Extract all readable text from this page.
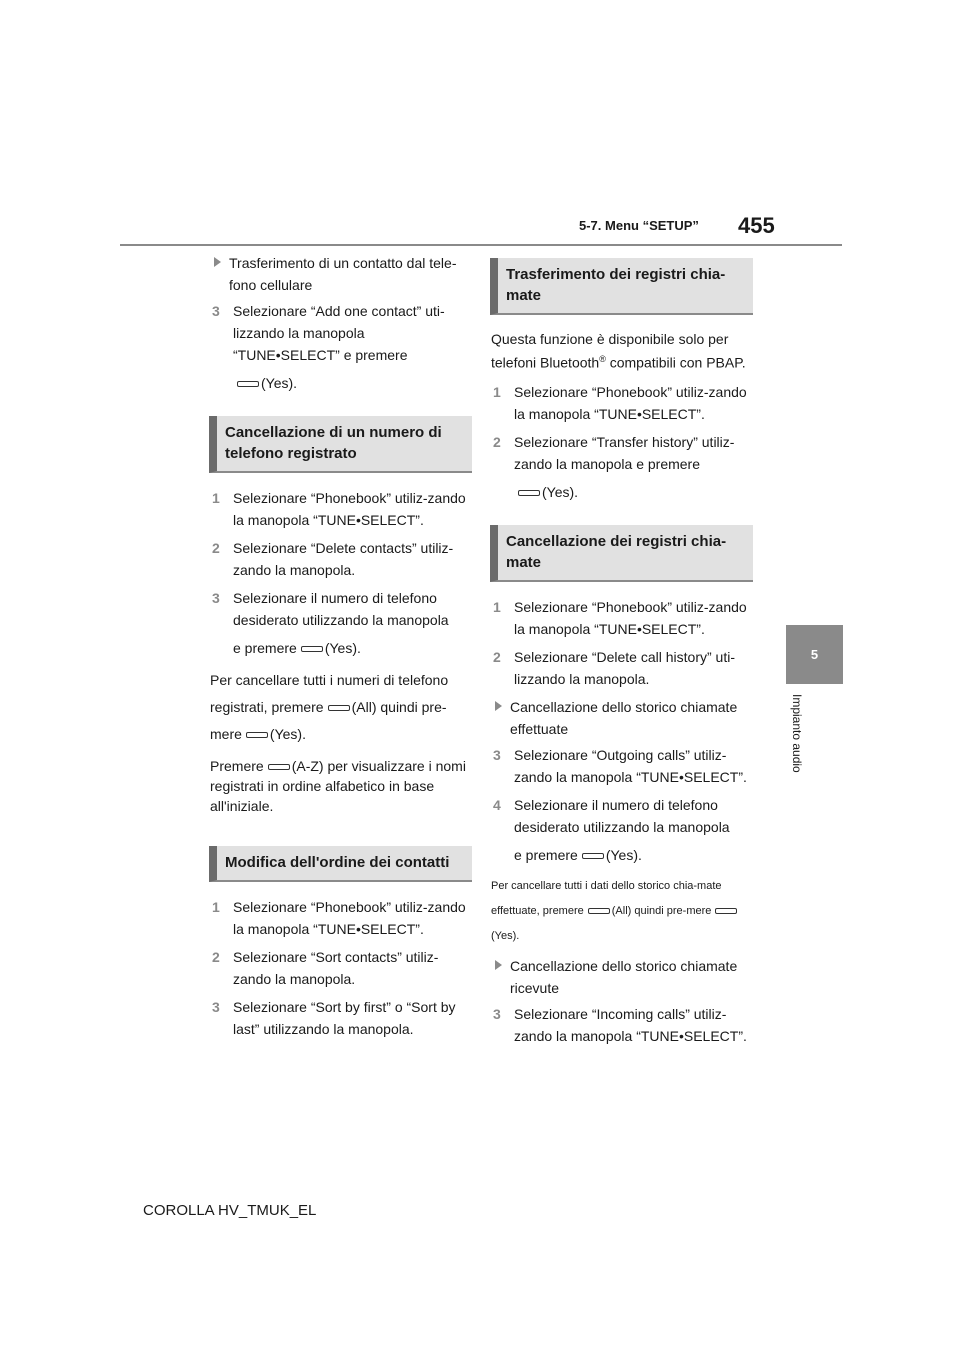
5-7. Menu “SETUP” 455
5
Impianto audio
Trasferimento di un contatto dal tele-fono cellulare
3 Selezionare “Add one contact” uti-lizzando la manopola “TUNE•SELECT” e premere
(Yes).
Cancellazione di un numero di telefono registrato
1 Selezionare “Phonebook” utiliz-zando la manopola “TUNE•SELECT”.
2 Selezionare “Delete contacts” utiliz-zando la manopola.
3 Selezionare il numero di telefono desiderato utilizzando la manopola
e premere (Yes).
Per cancellare tutti i numeri di telefono registrati, premere (All) quindi pre-mere (Yes).
Premere (A-Z) per visualizzare i nomi registrati in ordine alfabetico in base all'iniziale.
Modifica dell'ordine dei contatti
1 Selezionare “Phonebook” utiliz-zando la manopola “TUNE•SELECT”.
2 Selezionare “Sort contacts” utiliz-zando la manopola.
3 Selezionare “Sort by first” o “Sort by last” utilizzando la manopola.
Trasferimento dei registri chia-mate
Questa funzione è disponibile solo per telefoni Bluetooth® compatibili con PBAP.
1 Selezionare “Phonebook” utiliz-zando la manopola “TUNE•SELECT”.
2 Selezionare “Transfer history” utiliz-zando la manopola e premere
(Yes).
Cancellazione dei registri chia-mate
1 Selezionare “Phonebook” utiliz-zando la manopola “TUNE•SELECT”.
2 Selezionare “Delete call history” uti-lizzando la manopola.
Cancellazione dello storico chiamate effettuate
3 Selezionare “Outgoing calls” utiliz-zando la manopola “TUNE•SELECT”.
4 Selezionare il numero di telefono desiderato utilizzando la manopola
e premere (Yes).
Per cancellare tutti i dati dello storico chia-mate effettuate, premere	(All) quindi pre-mere(Yes).
Cancellazione dello storico chiamate ricevute
3 Selezionare “Incoming calls” utiliz-zando la manopola “TUNE•SELECT”.
COROLLA HV_TMUK_EL
